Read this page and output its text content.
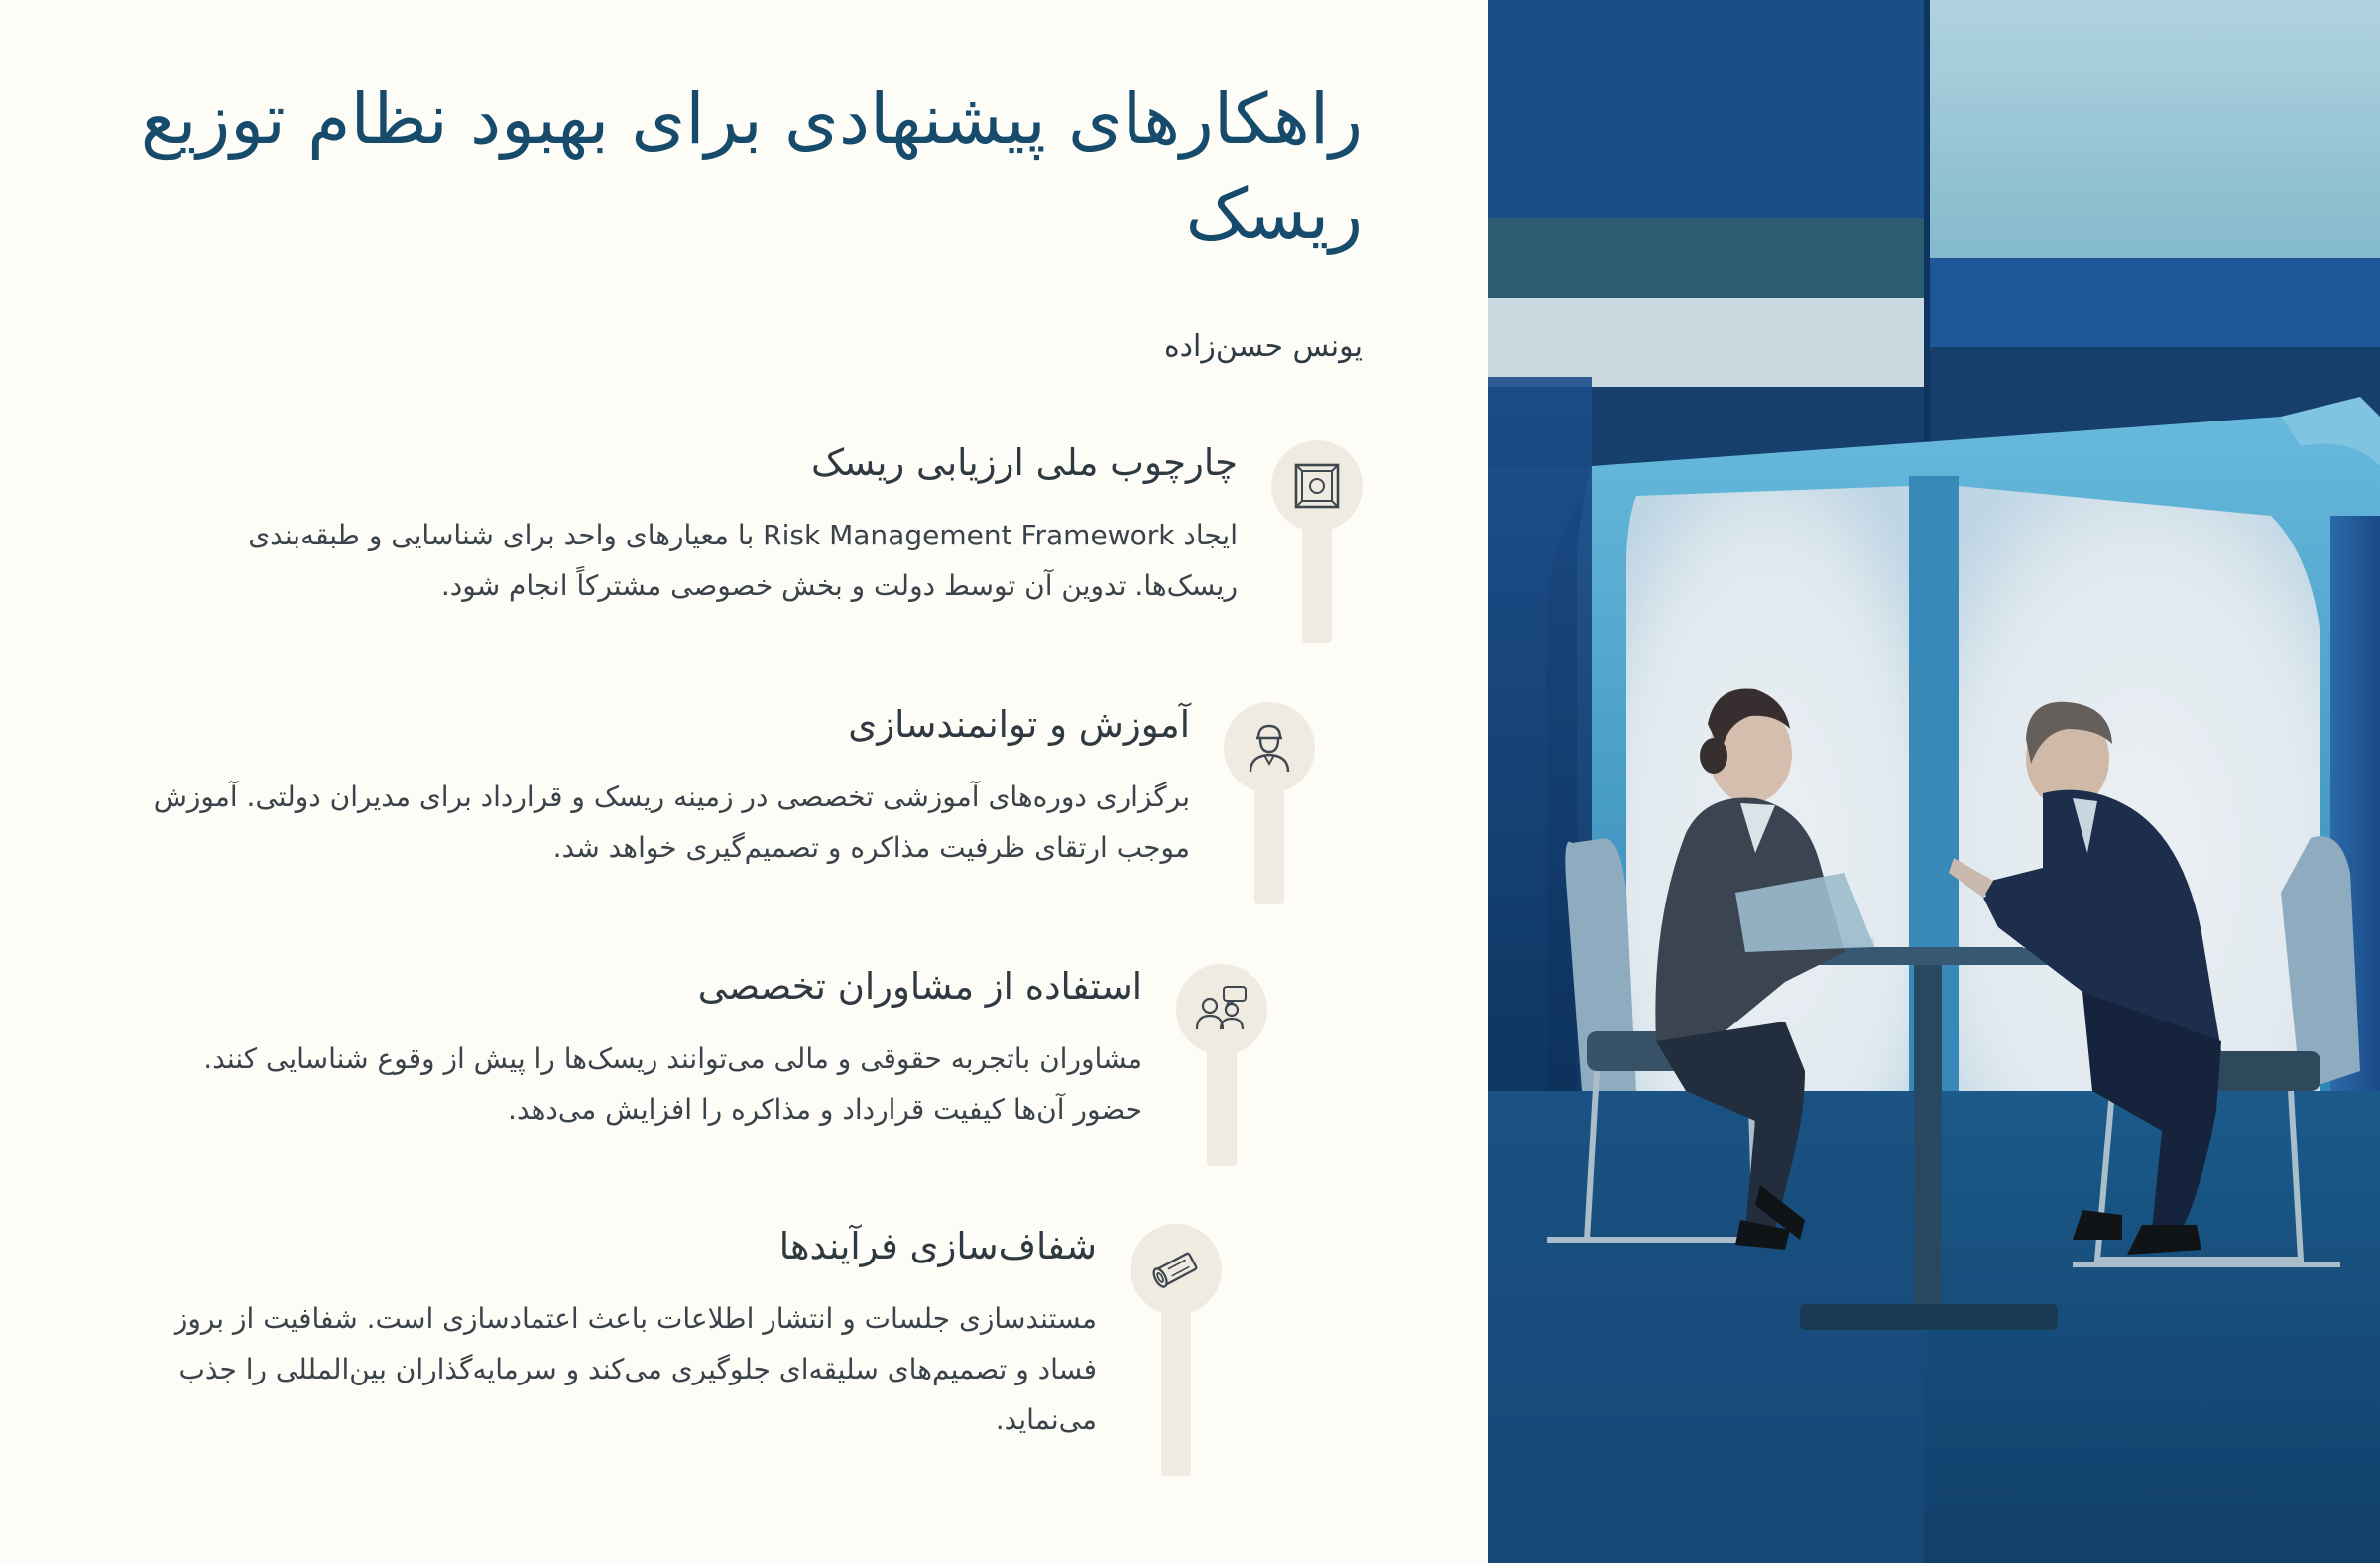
راهکارهای پیشنهادی برای بهبود نظام توزیع ریسک
یونس حسن‌زاده
چارچوب ملی ارزیابی ریسک

ایجاد Risk Management Framework با معیارهای واحد برای شناسایی و طبقه‌بندی ریسک‌ها. تدوین آن توسط دولت و بخش خصوصی مشترکاً انجام شود.

آموزش و توانمندسازی

برگزاری دوره‌های آموزشی تخصصی در زمینه ریسک و قرارداد برای مدیران دولتی. آموزش موجب ارتقای ظرفیت مذاکره و تصمیم‌گیری خواهد شد.

استفاده از مشاوران تخصصی

مشاوران باتجربه حقوقی و مالی می‌توانند ریسک‌ها را پیش از وقوع شناسایی کنند. حضور آن‌ها کیفیت قرارداد و مذاکره را افزایش می‌دهد.

شفاف‌سازی فرآیندها

مستندسازی جلسات و انتشار اطلاعات باعث اعتمادسازی است. شفافیت از بروز فساد و تصمیم‌های سلیقه‌ای جلوگیری می‌کند و سرمایه‌گذاران بین‌المللی را جذب می‌نماید.
